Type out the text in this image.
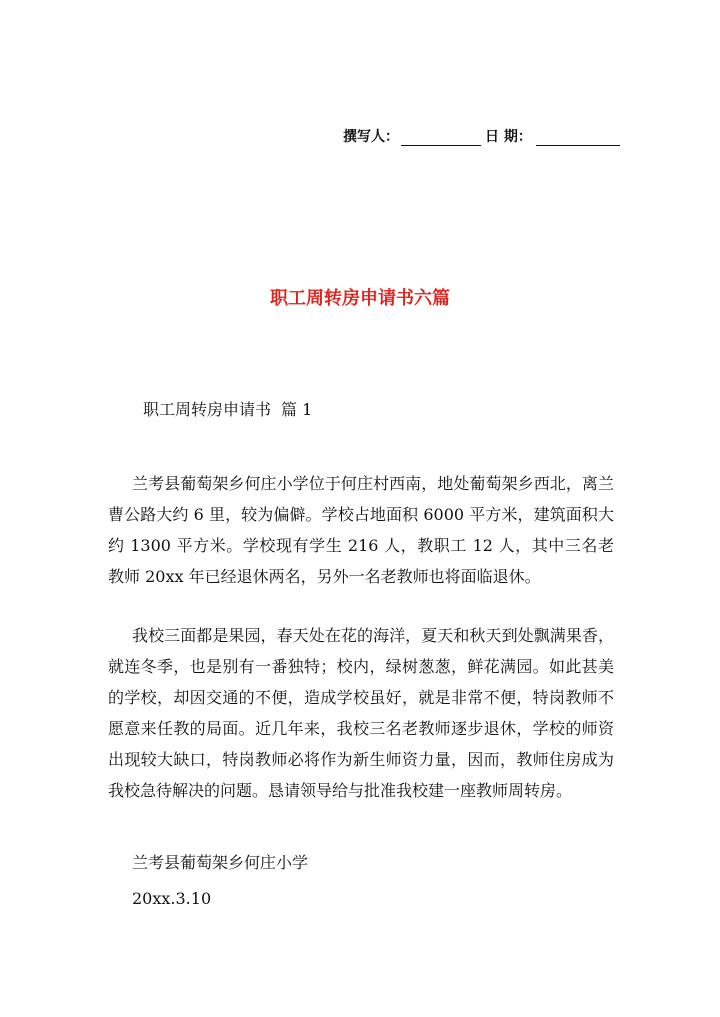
撰写人：	日 期：
职工周转房申请书六篇
职工周转房申请书 篇 1

兰考县葡萄架乡何庄小学位于何庄村西南，地处葡萄架乡西北，离兰曹公路大约 6 里，较为偏僻。学校占地面积 6000 平方米，建筑面积大约 1300 平方米。学校现有学生 216 人，教职工 12 人，其中三名老教师 20xx 年已经退休两名，另外一名老教师也将面临退休。

我校三面都是果园，春天处在花的海洋，夏天和秋天到处飘满果香，就连冬季，也是别有一番独特；校内，绿树葱葱，鲜花满园。如此甚美的学校，却因交通的不便，造成学校虽好，就是非常不便，特岗教师不愿意来任教的局面。近几年来，我校三名老教师逐步退休，学校的师资出现较大缺口，特岗教师必将作为新生师资力量，因而，教师住房成为我校急待解决的问题。恳请领导给与批准我校建一座教师周转房。

兰考县葡萄架乡何庄小学
20xx.3.10
